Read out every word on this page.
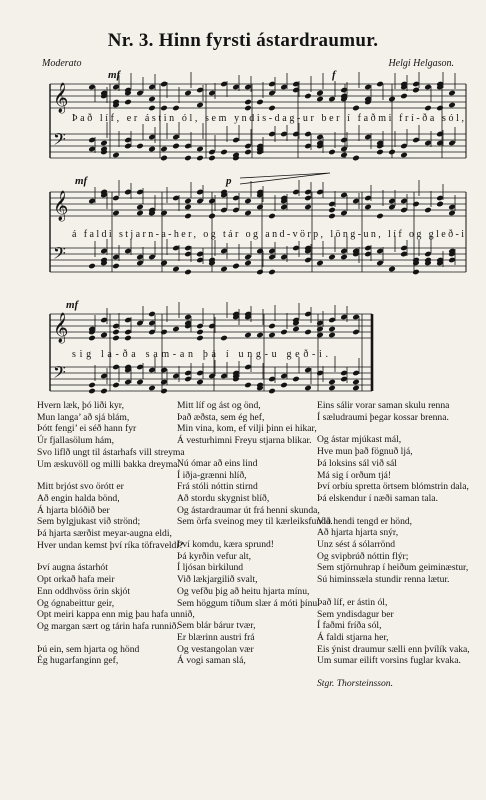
Nr. 3. Hinn fyrsti ástardraumur.
Moderato	Helgi Helgason.
𝄞
𝄢
𝄞
𝄢
𝄞
𝄢
mf	f
mf	p
mf
Það líf, er ástin ól, sem yndis-dag-ur ber í faðmi frí-ða sól,
á faldi stjarn-a-her, og tár og and-vörp, löng-un, líf og gleð-i
sig la-ða sam-an þá í ung-u geð-i.
Hvern læk, þó liði kyr,
Mun langa’ að sjá blám,
Þótt fengi’ ei séð hann fyr
Úr fjallasölum hám,
Svo liflð ungt til ástarhafs vill streyma
Um æskuvöll og milli bakka dreyma.
Mitt brjóst svo örótt er
Að engin halda bönd,
Á hjarta blóðið ber
Sem bylgjukast við strönd;
Þá hjarta særðist meyar-augna eldi,
Hver undan kemst því ríka töfraveldi?
Því augna ástarhót
Opt orkað hafa meir
Enn oddhvöss örin skjót
Og ógnabeittur geir,
Opt meiri kappa enn mig þau hafa unnið,
Og margan sært og tárin hafa runnið.
Þú ein, sem hjarta og hönd
Ég hugarfanginn gef,
Mitt líf og ást og önd,
Það æðsta, sem ég hef,
Min vina, kom, ef vilji þinn ei hikar,
Á vesturhimni Freyu stjarna blikar.
Nú ómar að eins lind
Í iðja-grænni hlíð,
Frá stóli nóttin stirnd
Að stordu skygnist blíð,
Og ástardraumar út frá henni skunda,
Sem örfa sveinog mey til kærleiksfunda.
Því komdu, kæra sprund!
Þá kyrðin vefur alt,
Í ljósan birkilund
Við lækjargilið svalt,
Og vefðu þig að heitu hjarta mínu,
Sem höggum tíðum slær á móti þínu.
Sem blár bárur tvær,
Er blærinn austri frá
Og vestangolan vær
Á vogi saman slá,
Eins sálir vorar saman skulu renna
Í sæludraumi þegar kossar brenna.
Og ástar mjúkast mál,
Hve mun það fögnuð ljá,
Þá loksins sál við sál
Má sig í orðum tjá!
Því orbíu spretta örtsem blómstrin dala,
Þá elskendur í næði saman tala.
Við hendi tengd er hönd,
Að hjarta hjarta snýr,
Unz sést á sólarrönd
Og svipbrúð nóttin flýr;
Sem stjörnuhrap í heiðum geiminæstur,
Sú himinssæla stundir renna lætur.
Það líf, er ástin ól,
Sem yndisdagur ber
Í faðmi fríða sól,
Á faldi stjarna her,
Eis ýnist draumur sælli enn þvílík vaka,
Um sumar eilift vorsins fuglar kvaka.
Stgr. Thorsteinsson.
